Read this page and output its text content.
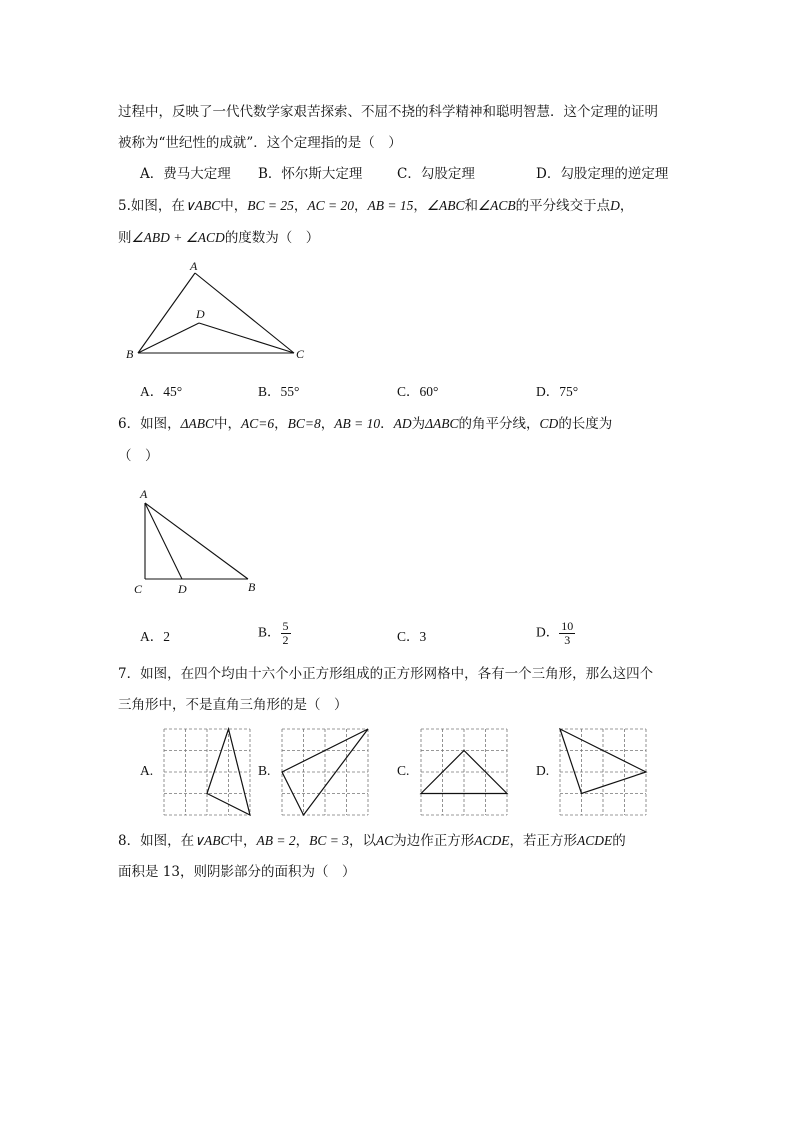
过程中，反映了一代代数学家艰苦探索、不屈不挠的科学精神和聪明智慧．这个定理的证明
被称为“世纪性的成就”．这个定理指的是（　）
A．费马大定理 B．怀尔斯大定理	C．勾股定理	D．勾股定理的逆定理
5.如图，在∨ABC中，BC = 25，AC = 20，AB = 15，∠ABC和∠ACB的平分线交于点D，
则∠ABD + ∠ACD的度数为（　）
A
D
B	C
A．45°	B．55°	C．60°	D．75°
6．如图，ΔABC中，AC=6，BC=8，AB = 10．AD为ΔABC的角平分线，CD的长度为
（　）
A
C	D	B
A．2	B． $\frac{5}{2}$	C．3	D． $\frac{10}{3}$
7．如图，在四个均由十六个小正方形组成的正方形网格中，各有一个三角形，那么这四个
三角形中，不是直角三角形的是（　）
A.	B.	C.	D.
8．如图，在∨ABC中，AB = 2，BC = 3，以AC为边作正方形ACDE，若正方形ACDE的
面积是 13，则阴影部分的面积为（　）
